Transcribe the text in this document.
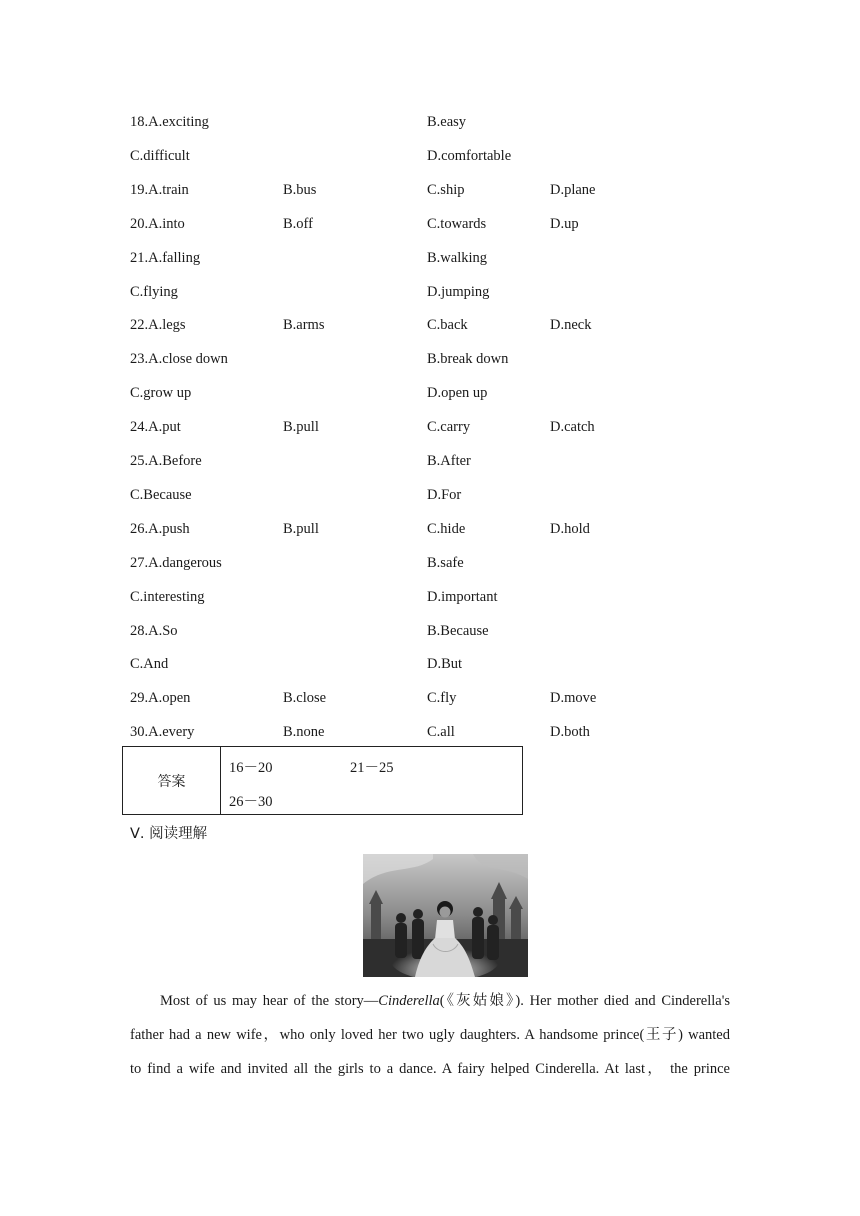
18.A.exciting	B.easy
C.difficult	D.comfortable
19.A.train	B.bus	C.ship	D.plane
20.A.into	B.off	C.towards	D.up
21.A.falling	B.walking
C.flying	D.jumping
22.A.legs	B.arms	C.back	D.neck
23.A.close down	B.break down
C.grow up	D.open up
24.A.put	B.pull	C.carry	D.catch
25.A.Before	B.After
C.Because	D.For
26.A.push	B.pull	C.hide	D.hold
27.A.dangerous	B.safe
C.interesting	D.important
28.A.So	B.Because
C.And	D.But
29.A.open	B.close	C.fly	D.move
30.A.every	B.none	C.all	D.both
答案
16－20	21－25
26－30
Ⅴ. 阅读理解
Most of us may hear of the story—Cinderella(《灰姑娘》). Her mother died and Cinderella's
father had a new wife，who only loved her two ugly daughters. A handsome prince(王子) wanted
to find a wife and invited all the girls to a dance. A fairy helped Cinderella. At last， the prince
